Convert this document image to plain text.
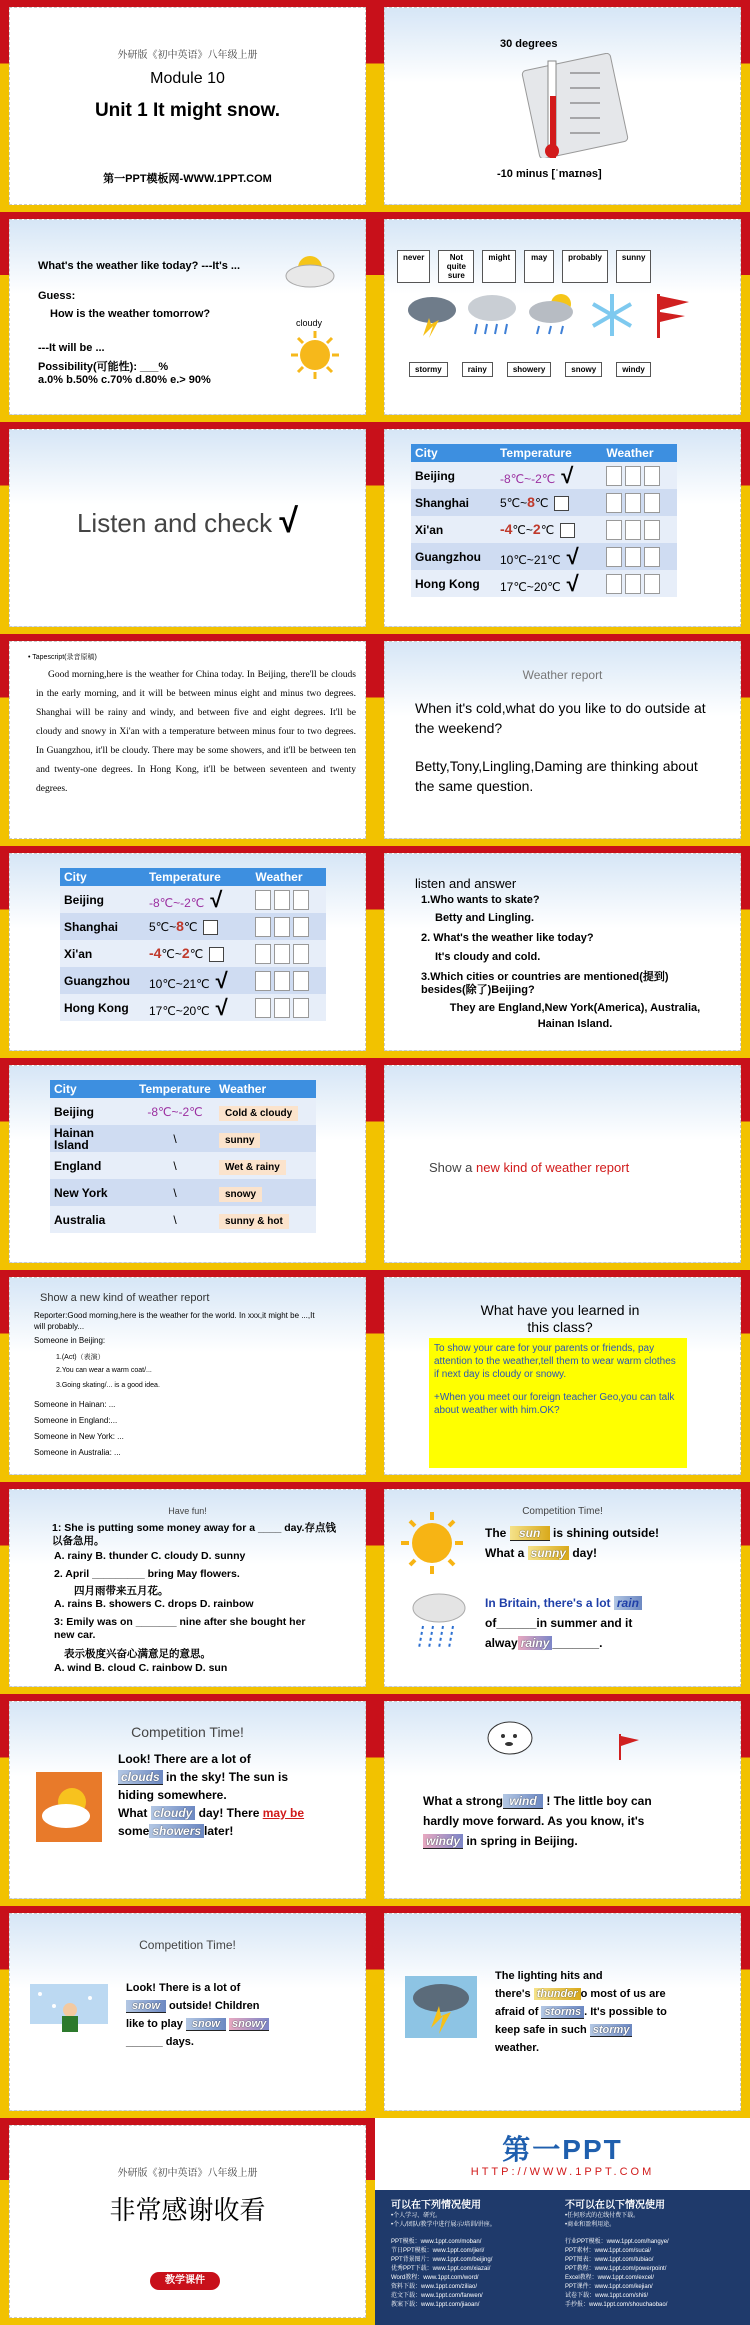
外研版《初中英语》八年级上册
Module 10
Unit 1 It might snow.
第一PPT模板网-WWW.1PPT.COM
30 degrees
-10 minus [ˈmaɪnəs]
What's the weather like today? ---It's ...
cloudy
Guess:
How is the weather tomorrow?
---It will be ...
Possibility(可能性): ___%
a.0% b.50% c.70% d.80% e.> 90%
never	Not quite sure
might	may	probably	sunny
stormy	rainy	showery	snowy	windy
Listen and check √
City	Temperature	Weather
Beijing	-8℃~-2℃ √	
Shanghai	5℃~8℃	
Xi'an	-4℃~2℃	
Guangzhou	10℃~21℃ √	
Hong Kong	17℃~20℃ √	
• Tapescript(录音原稿)
Good morning,here is the weather for China today. In Beijing, there'll be clouds in the early morning, and it will be between minus eight and minus two degrees. Shanghai will be rainy and windy, and between five and eight degrees. It'll be cloudy and snowy in Xi'an with a temperature between minus four to two degrees. In Guangzhou, it'll be cloudy. There may be some showers, and it'll be between ten and twenty-one degrees. In Hong Kong, it'll be between seventeen and twenty degrees.
Weather report
When it's cold,what do you like to do outside at the weekend?
Betty,Tony,Lingling,Daming are thinking about the same question.
City	Temperature	Weather
Beijing	-8℃~-2℃ √	
Shanghai	5℃~8℃	
Xi'an	-4℃~2℃	
Guangzhou	10℃~21℃ √	
Hong Kong	17℃~20℃ √	
listen and answer
1.Who wants to skate?
Betty and Lingling.
2. What's the weather like today?
It's cloudy and cold.
3.Which cities or countries are mentioned(提到) besides(除了)Beijing?
They are England,New York(America), Australia, Hainan Island.
City	Temperature	Weather
Beijing	-8℃~-2℃	Cold & cloudy
Hainan Island	\	sunny
England	\	Wet & rainy
New York	\	snowy
Australia	\	sunny & hot
Show a new kind of weather report
Show a new kind of weather report
Reporter:Good morning,here is the weather for the world. In xxx,it might be ...,It will probably...
Someone in Beijing:
1.(Act)（表演）
2.You can wear a warm coat/...
3.Going skating/... is a good idea.
Someone in Hainan: ...
Someone in England:...
Someone in New York: ...
Someone in Australia: ...
What have you learned in this class?
To show your care for your parents or friends, pay attention to the weather,tell them to wear warm clothes if next day is cloudy or snowy.
+When you meet our foreign teacher Geo,you can talk about weather with him.OK?
Have fun!
1: She is putting some money away for a ____ day.存点钱以备急用。
A. rainy B. thunder C. cloudy D. sunny
2. April _________ bring May flowers.
四月雨带来五月花。
A. rains B. showers C. drops D. rainbow
3: Emily was on _______ nine after she bought her new car.
表示极度兴奋心满意足的意思。
A. wind B. cloud C. rainbow D. sun
Competition Time!
The sun is shining outside!
What a sunny day!
In Britain, there's a lot rain
of______in summer and it
alway rainy _______.
Competition Time!
Look! There are a lot of
clouds in the sky! The sun is
hiding somewhere.
What cloudy day! There may be
some showers later!
What a strong wind ! The little boy can
hardly move forward. As you know, it's
windy in spring in Beijing.
Competition Time!
Look! There is a lot of
snow outside! Children
like to play snow snowy
______ days.
The lighting hits and
there's thunder o most of us are
afraid of storms . It's possible to
keep safe in such stormy
weather.
外研版《初中英语》八年级上册
非常感谢收看
教学课件
第一PPT
HTTP://WWW.1PPT.COM
可以在下列情况使用	不可以在以下情况使用
•个人学习、研究。
•个人/团队/教学中进行展示/培训/讲座。
•任何形式的在线付费下载。
•商业和盈利用途。
PPT模板：www.1ppt.com/moban/
节日PPT模板：www.1ppt.com/jieri/
PPT背景图片：www.1ppt.com/beijing/
优秀PPT下载：www.1ppt.com/xiazai/
Word教程：www.1ppt.com/word/
资料下载：www.1ppt.com/ziliao/
范文下载：www.1ppt.com/fanwen/
教案下载：www.1ppt.com/jiaoan/
行业PPT模板：www.1ppt.com/hangye/
PPT素材：www.1ppt.com/sucai/
PPT图表：www.1ppt.com/tubiao/
PPT教程：www.1ppt.com/powerpoint/
Excel教程：www.1ppt.com/excel/
PPT课件：www.1ppt.com/kejian/
试卷下载：www.1ppt.com/shiti/
手抄报：www.1ppt.com/shouchaobao/
